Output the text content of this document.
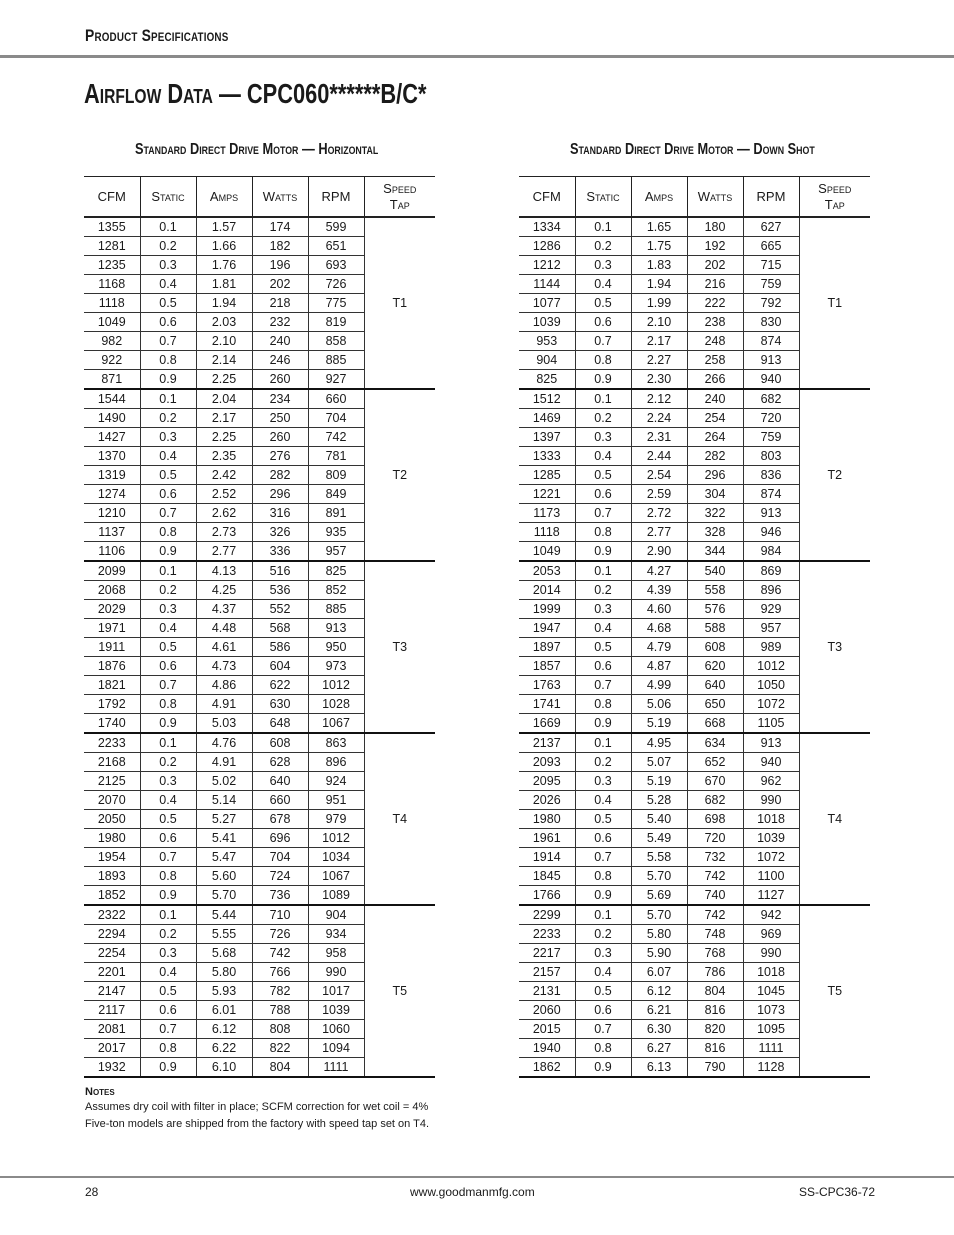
Product Specifications
Airflow Data — CPC060******B/C*
Standard Direct Drive Motor — Horizontal	Standard Direct Drive Motor — Down Shot
CFM	Static	Amps	Watts	RPM	Speed
Tap
1355	0.1	1.57	174	599	T1
1281	0.2	1.66	182	651	
1235	0.3	1.76	196	693	
1168	0.4	1.81	202	726	
1118	0.5	1.94	218	775	
1049	0.6	2.03	232	819	
982	0.7	2.10	240	858	
922	0.8	2.14	246	885	
871	0.9	2.25	260	927	
1544	0.1	2.04	234	660	T2
1490	0.2	2.17	250	704	
1427	0.3	2.25	260	742	
1370	0.4	2.35	276	781	
1319	0.5	2.42	282	809	
1274	0.6	2.52	296	849	
1210	0.7	2.62	316	891	
1137	0.8	2.73	326	935	
1106	0.9	2.77	336	957	
2099	0.1	4.13	516	825	T3
2068	0.2	4.25	536	852	
2029	0.3	4.37	552	885	
1971	0.4	4.48	568	913	
1911	0.5	4.61	586	950	
1876	0.6	4.73	604	973	
1821	0.7	4.86	622	1012	
1792	0.8	4.91	630	1028	
1740	0.9	5.03	648	1067	
2233	0.1	4.76	608	863	T4
2168	0.2	4.91	628	896	
2125	0.3	5.02	640	924	
2070	0.4	5.14	660	951	
2050	0.5	5.27	678	979	
1980	0.6	5.41	696	1012	
1954	0.7	5.47	704	1034	
1893	0.8	5.60	724	1067	
1852	0.9	5.70	736	1089	
2322	0.1	5.44	710	904	T5
2294	0.2	5.55	726	934	
2254	0.3	5.68	742	958	
2201	0.4	5.80	766	990	
2147	0.5	5.93	782	1017	
2117	0.6	6.01	788	1039	
2081	0.7	6.12	808	1060	
2017	0.8	6.22	822	1094	
1932	0.9	6.10	804	1111	
CFM	Static	Amps	Watts	RPM	Speed
Tap
1334	0.1	1.65	180	627	T1
1286	0.2	1.75	192	665	
1212	0.3	1.83	202	715	
1144	0.4	1.94	216	759	
1077	0.5	1.99	222	792	
1039	0.6	2.10	238	830	
953	0.7	2.17	248	874	
904	0.8	2.27	258	913	
825	0.9	2.30	266	940	
1512	0.1	2.12	240	682	T2
1469	0.2	2.24	254	720	
1397	0.3	2.31	264	759	
1333	0.4	2.44	282	803	
1285	0.5	2.54	296	836	
1221	0.6	2.59	304	874	
1173	0.7	2.72	322	913	
1118	0.8	2.77	328	946	
1049	0.9	2.90	344	984	
2053	0.1	4.27	540	869	T3
2014	0.2	4.39	558	896	
1999	0.3	4.60	576	929	
1947	0.4	4.68	588	957	
1897	0.5	4.79	608	989	
1857	0.6	4.87	620	1012	
1763	0.7	4.99	640	1050	
1741	0.8	5.06	650	1072	
1669	0.9	5.19	668	1105	
2137	0.1	4.95	634	913	T4
2093	0.2	5.07	652	940	
2095	0.3	5.19	670	962	
2026	0.4	5.28	682	990	
1980	0.5	5.40	698	1018	
1961	0.6	5.49	720	1039	
1914	0.7	5.58	732	1072	
1845	0.8	5.70	742	1100	
1766	0.9	5.69	740	1127	
2299	0.1	5.70	742	942	T5
2233	0.2	5.80	748	969	
2217	0.3	5.90	768	990	
2157	0.4	6.07	786	1018	
2131	0.5	6.12	804	1045	
2060	0.6	6.21	816	1073	
2015	0.7	6.30	820	1095	
1940	0.8	6.27	816	1111	
1862	0.9	6.13	790	1128	
Notes
Assumes dry coil with filter in place; SCFM correction for wet coil = 4%
Five-ton models are shipped from the factory with speed tap set on T4.
28	www.goodmanmfg.com	SS-CPC36-72
